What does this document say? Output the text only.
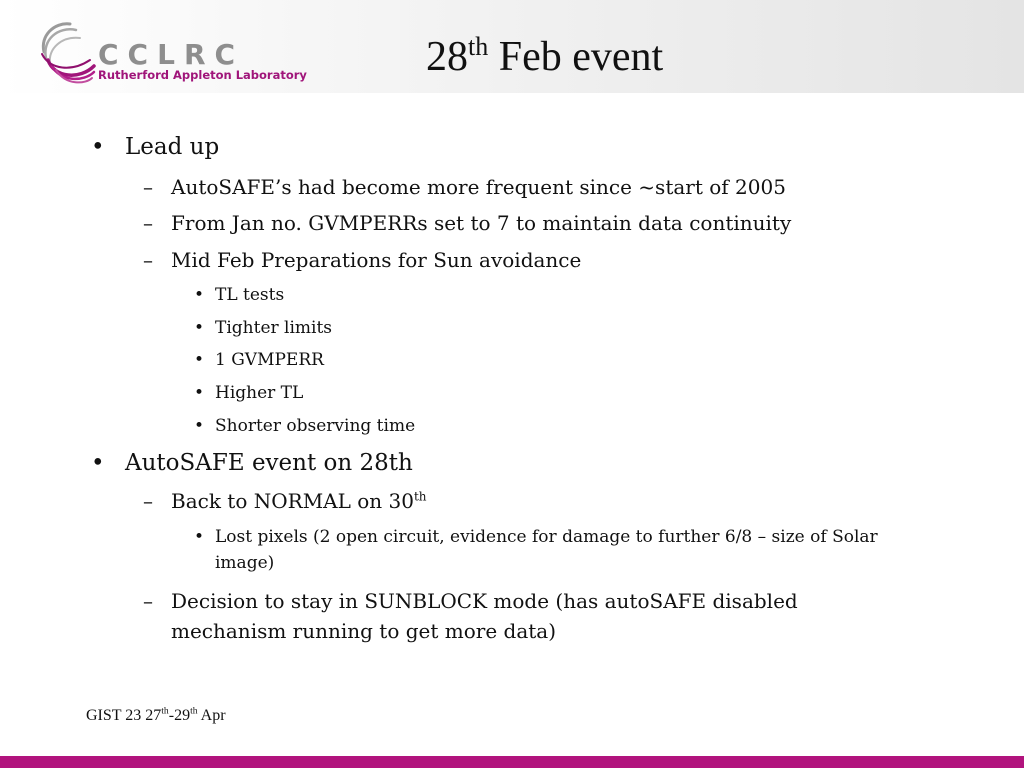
CCLRC
Rutherford Appleton Laboratory	28th Feb event
• Lead up
– AutoSAFE’s had become more frequent since ~start of 2005
– From Jan no. GVMPERRs set to 7 to maintain data continuity
– Mid Feb Preparations for Sun avoidance
• TL tests
• Tighter limits
• 1 GVMPERR
• Higher TL
• Shorter observing time
• AutoSAFE event on 28th
– Back to NORMAL on 30th
• Lost pixels (2 open circuit, evidence for damage to further 6/8 – size of Solar image)
– Decision to stay in SUNBLOCK mode (has autoSAFE disabled mechanism running to get more data)
GIST 23 27th-29th Apr
